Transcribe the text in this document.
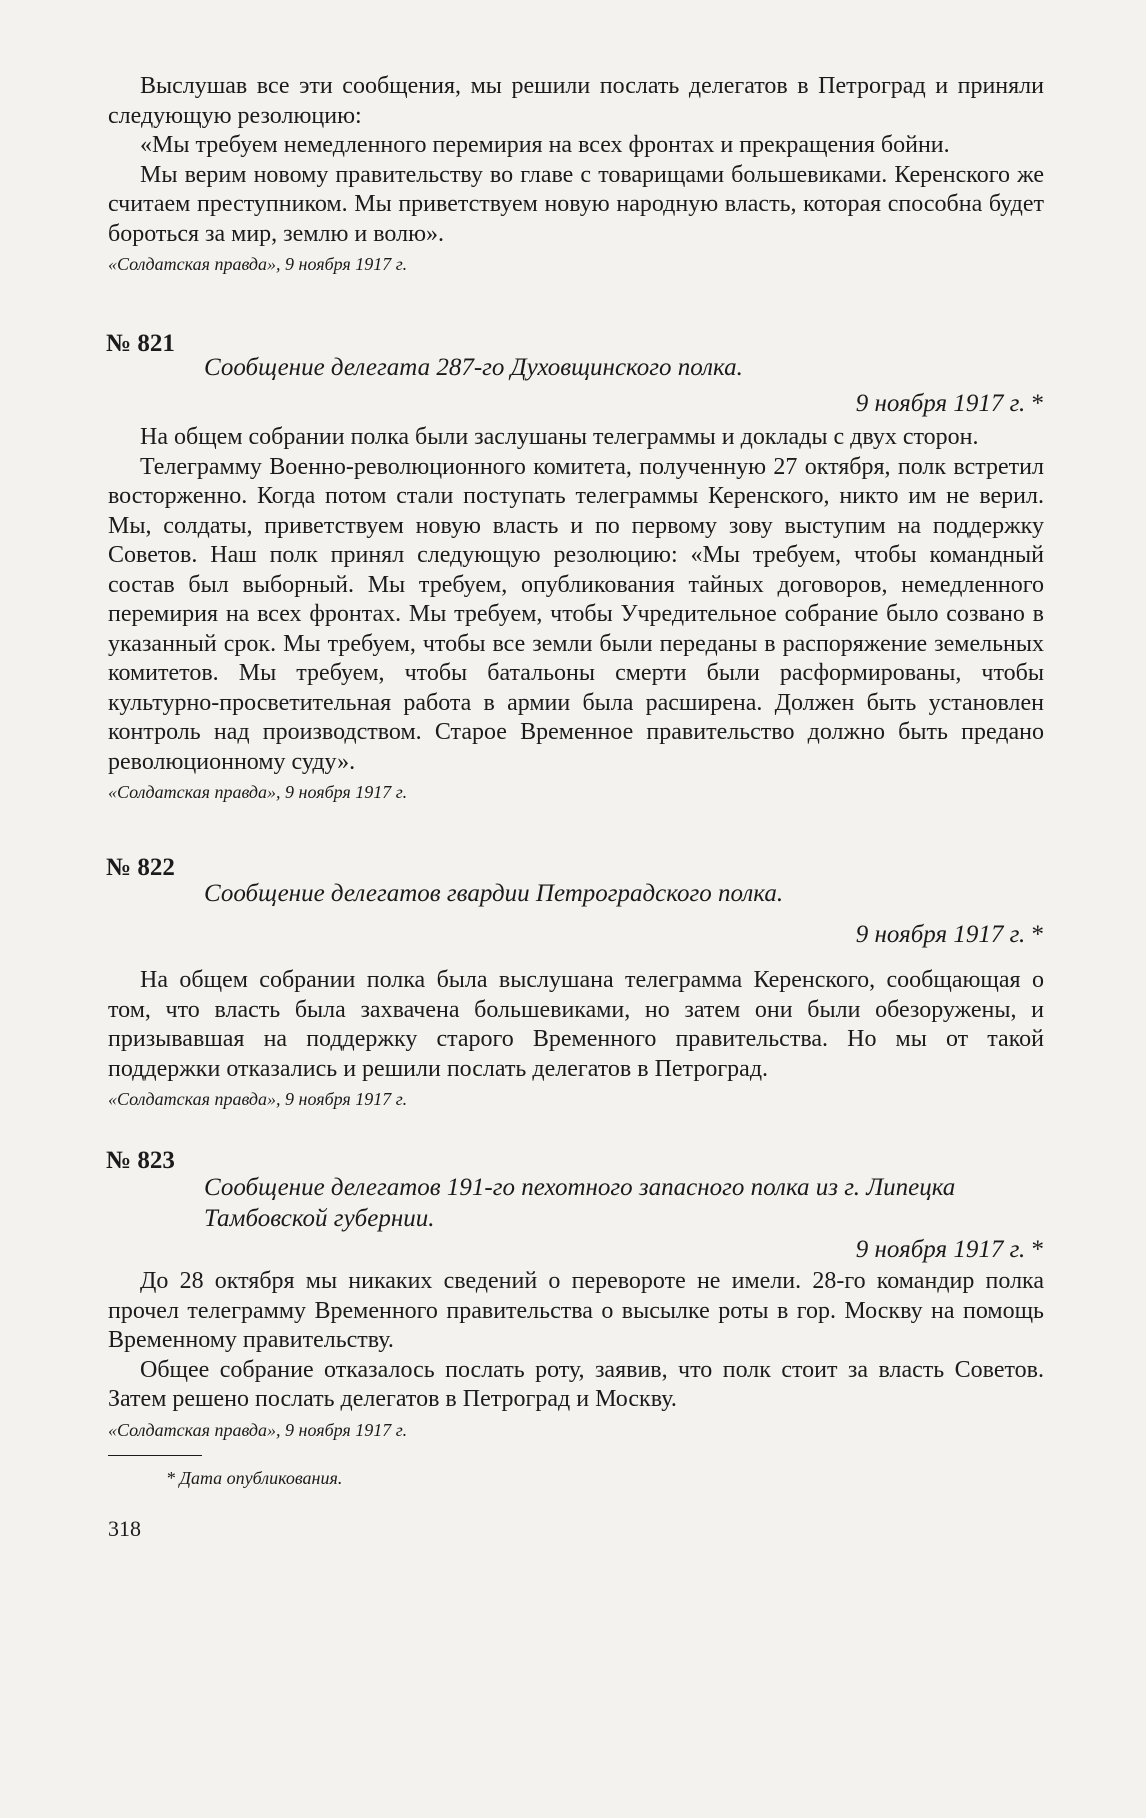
Выслушав все эти сообщения, мы решили послать делегатов в Петроград и приняли следующую резолюцию:

«Мы требуем немедленного перемирия на всех фронтах и прекращения бойни.

Мы верим новому правительству во главе с товарищами большевиками. Керенского же считаем преступником. Мы приветствуем новую народную власть, которая способна будет бороться за мир, землю и волю».

«Солдатская правда», 9 ноября 1917 г.

№ 821

Сообщение делегата 287-го Духовщинского полка.

9 ноября 1917 г. *

На общем собрании полка были заслушаны телеграммы и доклады с двух сторон.

Телеграмму Военно-революционного комитета, полученную 27 октября, полк встретил восторженно. Когда потом стали поступать телеграммы Керенского, никто им не верил. Мы, солдаты, приветствуем новую власть и по первому зову выступим на поддержку Советов. Наш полк принял следующую резолюцию: «Мы требуем, чтобы командный состав был выборный. Мы требуем, опубликования тайных договоров, немедленного перемирия на всех фронтах. Мы требуем, чтобы Учредительное собрание было созвано в указанный срок. Мы требуем, чтобы все земли были переданы в распоряжение земельных комитетов. Мы требуем, чтобы батальоны смерти были расформированы, чтобы культурно-просветительная работа в армии была расширена. Должен быть установлен контроль над производством. Старое Временное правительство должно быть предано революционному суду».

«Солдатская правда», 9 ноября 1917 г.

№ 822

Сообщение делегатов гвардии Петроградского полка.

9 ноября 1917 г. *

На общем собрании полка была выслушана телеграмма Керенского, сообщающая о том, что власть была захвачена большевиками, но затем они были обезоружены, и призывавшая на поддержку старого Временного правительства. Но мы от такой поддержки отказались и решили послать делегатов в Петроград.

«Солдатская правда», 9 ноября 1917 г.

№ 823

Сообщение делегатов 191-го пехотного запасного полка из г. Липецка Тамбовской губернии.

9 ноября 1917 г. *

До 28 октября мы никаких сведений о перевороте не имели. 28-го командир полка прочел телеграмму Временного правительства о высылке роты в гор. Москву на помощь Временному правительству.

Общее собрание отказалось послать роту, заявив, что полк стоит за власть Советов. Затем решено послать делегатов в Петроград и Москву.

«Солдатская правда», 9 ноября 1917 г.

* Дата опубликования.
318
